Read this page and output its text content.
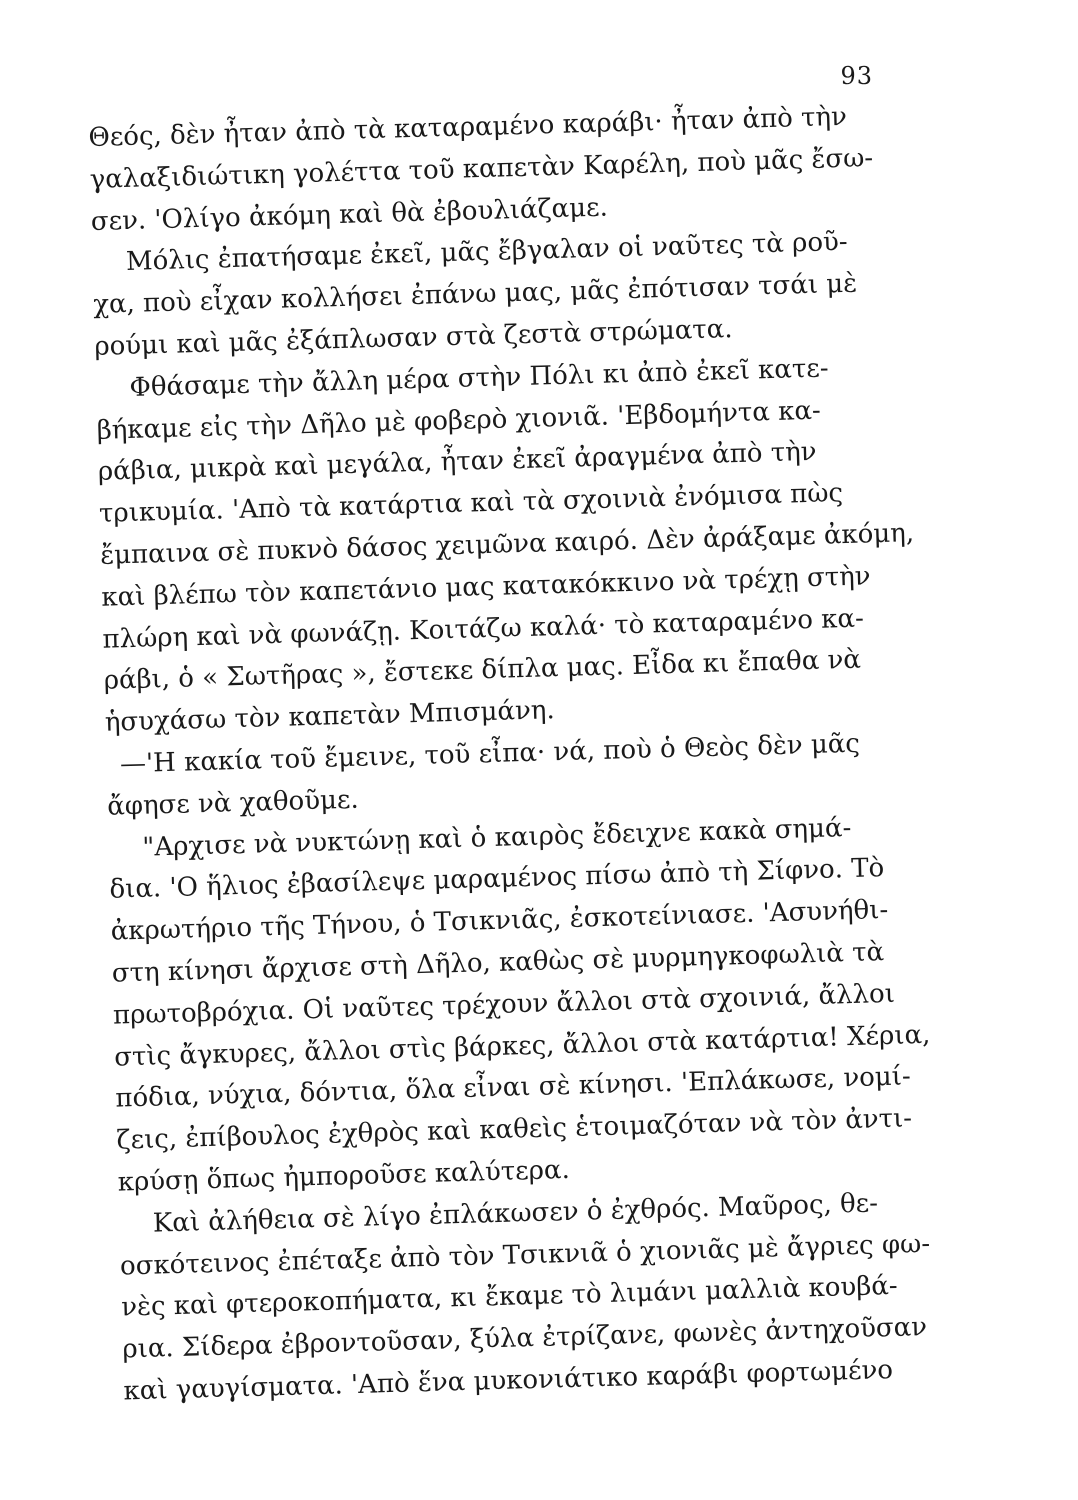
93
Θεός, δὲν ἦταν ἀπὸ τὰ καταραμένο καράβι· ἦταν ἀπὸ τὴν
γαλαξιδιώτικη γολέττα τοῦ καπετὰν Καρέλη, ποὺ μᾶς ἔσω-
σεν. 'Ολίγο ἀκόμη καὶ θὰ ἐβουλιάζαμε.
Μόλις ἐπατήσαμε ἐκεῖ, μᾶς ἔβγαλαν οἱ ναῦτες τὰ ροῦ-
χα, ποὺ εἶχαν κολλήσει ἐπάνω μας, μᾶς ἐπότισαν τσάι μὲ
ρούμι καὶ μᾶς ἐξάπλωσαν στὰ ζεστὰ στρώματα.
Φθάσαμε τὴν ἄλλη μέρα στὴν Πόλι κι ἀπὸ ἐκεῖ κατε-
βήκαμε εἰς τὴν Δῆλο μὲ φοβερὸ χιονιᾶ. 'Εβδομήντα κα-
ράβια, μικρὰ καὶ μεγάλα, ἦταν ἐκεῖ ἀραγμένα ἀπὸ τὴν
τρικυμία. 'Απὸ τὰ κατάρτια καὶ τὰ σχοινιὰ ἐνόμισα πὼς
ἔμπαινα σὲ πυκνὸ δάσος χειμῶνα καιρό. Δὲν ἀράξαμε ἀκόμη,
καὶ βλέπω τὸν καπετάνιο μας κατακόκκινο νὰ τρέχῃ στὴν
πλώρη καὶ νὰ φωνάζῃ. Κοιτάζω καλά· τὸ καταραμένο κα-
ράβι, ὁ « Σωτῆρας », ἔστεκε δίπλα μας. Εἶδα κι ἔπαθα νὰ
ἡσυχάσω τὸν καπετὰν Μπισμάνη.
—'Η κακία τοῦ ἔμεινε, τοῦ εἶπα· νά, ποὺ ὁ Θεὸς δὲν μᾶς
ἄφησε νὰ χαθοῦμε.
"Αρχισε νὰ νυκτώνῃ καὶ ὁ καιρὸς ἔδειχνε κακὰ σημά-
δια. 'Ο ἥλιος ἐβασίλεψε μαραμένος πίσω ἀπὸ τὴ Σίφνο. Τὸ
ἀκρωτήριο τῆς Τήνου, ὁ Τσικνιᾶς, ἐσκοτείνιασε. 'Ασυνήθι-
στη κίνησι ἄρχισε στὴ Δῆλο, καθὼς σὲ μυρμηγκοφωλιὰ τὰ
πρωτοβρόχια. Οἱ ναῦτες τρέχουν ἄλλοι στὰ σχοινιά, ἄλλοι
στὶς ἄγκυρες, ἄλλοι στὶς βάρκες, ἄλλοι στὰ κατάρτια! Χέρια,
πόδια, νύχια, δόντια, ὅλα εἶναι σὲ κίνησι. 'Επλάκωσε, νομί-
ζεις, ἐπίβουλος ἐχθρὸς καὶ καθεὶς ἑτοιμαζόταν νὰ τὸν ἀντι-
κρύσῃ ὅπως ἠμποροῦσε καλύτερα.
Καὶ ἀλήθεια σὲ λίγο ἐπλάκωσεν ὁ ἐχθρός. Μαῦρος, θε-
οσκότεινος ἐπέταξε ἀπὸ τὸν Τσικνιᾶ ὁ χιονιᾶς μὲ ἄγριες φω-
νὲς καὶ φτεροκοπήματα, κι ἔκαμε τὸ λιμάνι μαλλιὰ κουβά-
ρια. Σίδερα ἐβροντοῦσαν, ξύλα ἐτρίζανε, φωνὲς ἀντηχοῦσαν
καὶ γαυγίσματα. 'Απὸ ἕνα μυκονιάτικο καράβι φορτωμένο
